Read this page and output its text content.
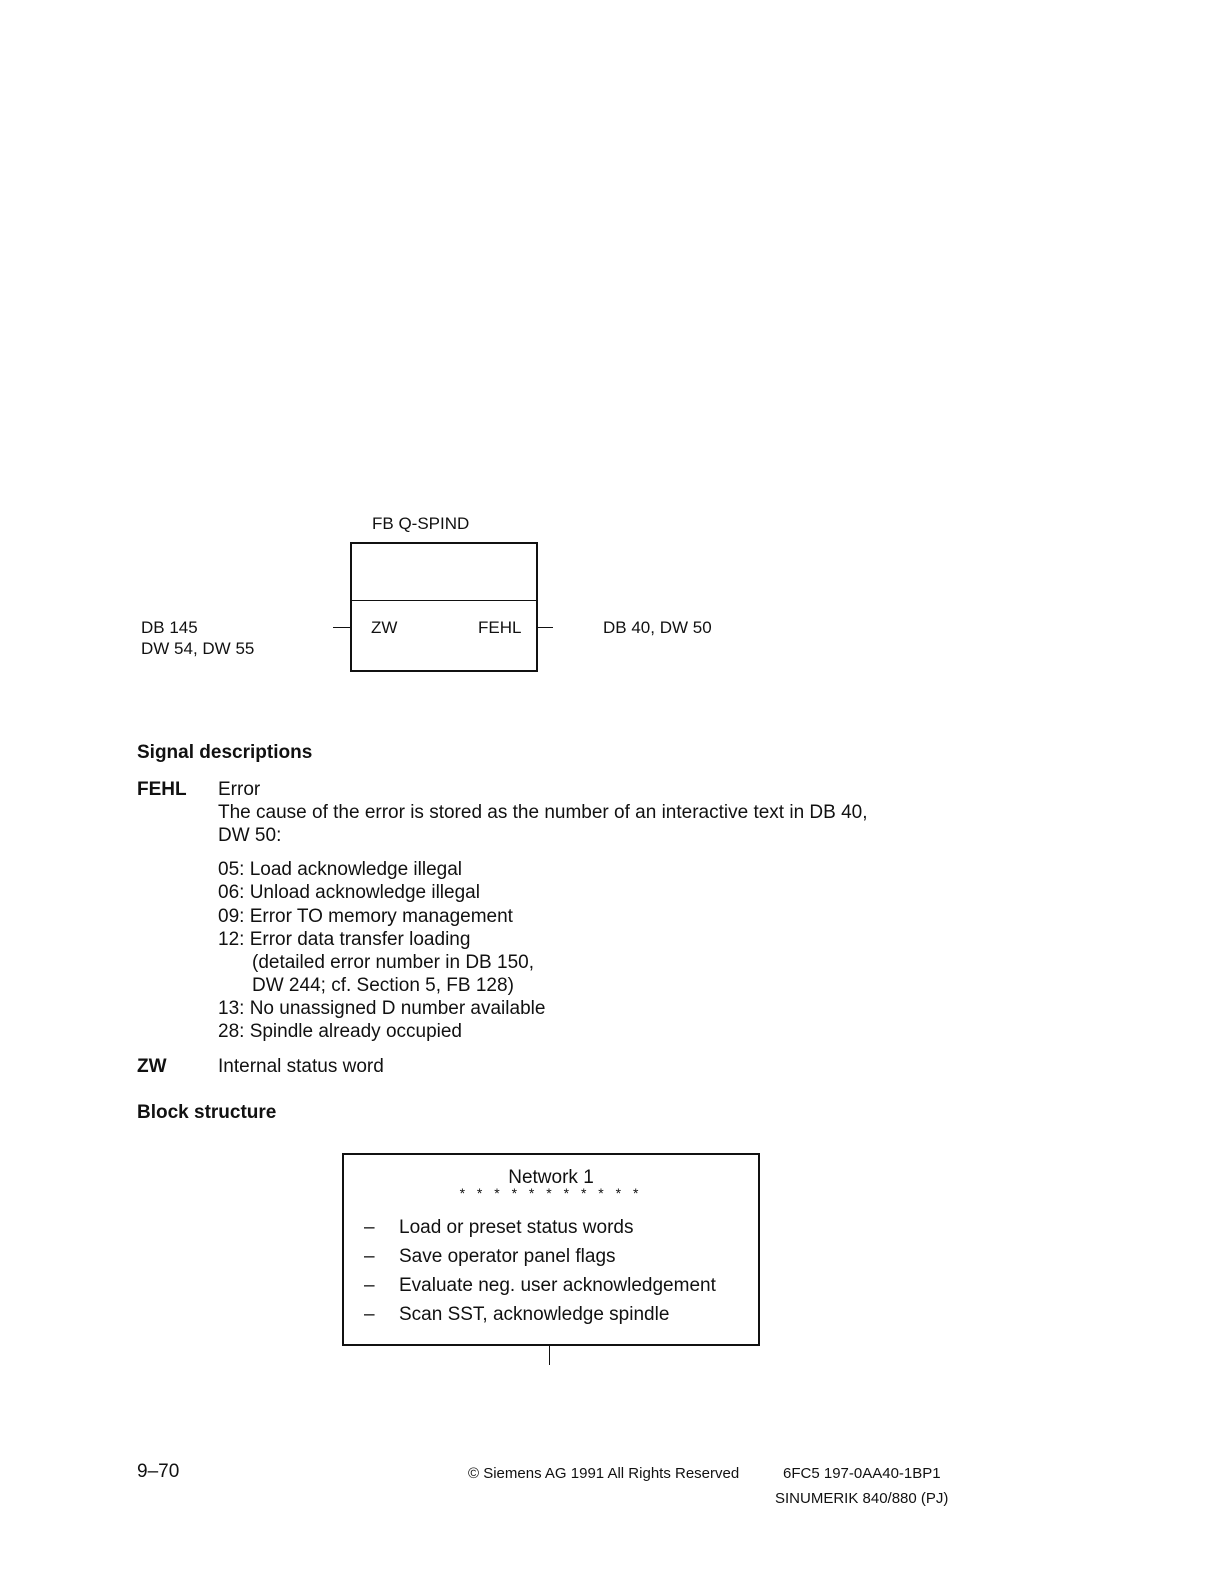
FB Q-SPIND
ZW	FEHL
DB 145
DW 54, DW 55
DB 40, DW 50
Signal descriptions
FEHL Error
The cause of the error is stored as the number of an interactive text in DB 40,
DW 50:
05: Load acknowledge illegal
06: Unload acknowledge illegal
09: Error TO memory management
12: Error data transfer loading
(detailed error number in DB 150,
DW 244; cf. Section 5, FB 128)
13: No unassigned D number available
28: Spindle already occupied
ZW	Internal status word
Block structure
Network 1
* * * * * * * * * * *
– Load or preset status words
– Save operator panel flags
– Evaluate neg. user acknowledgement
– Scan SST, acknowledge spindle
9–70	© Siemens AG 1991 All Rights Reserved	6FC5 197-0AA40-1BP1
SINUMERIK 840/880 (PJ)
